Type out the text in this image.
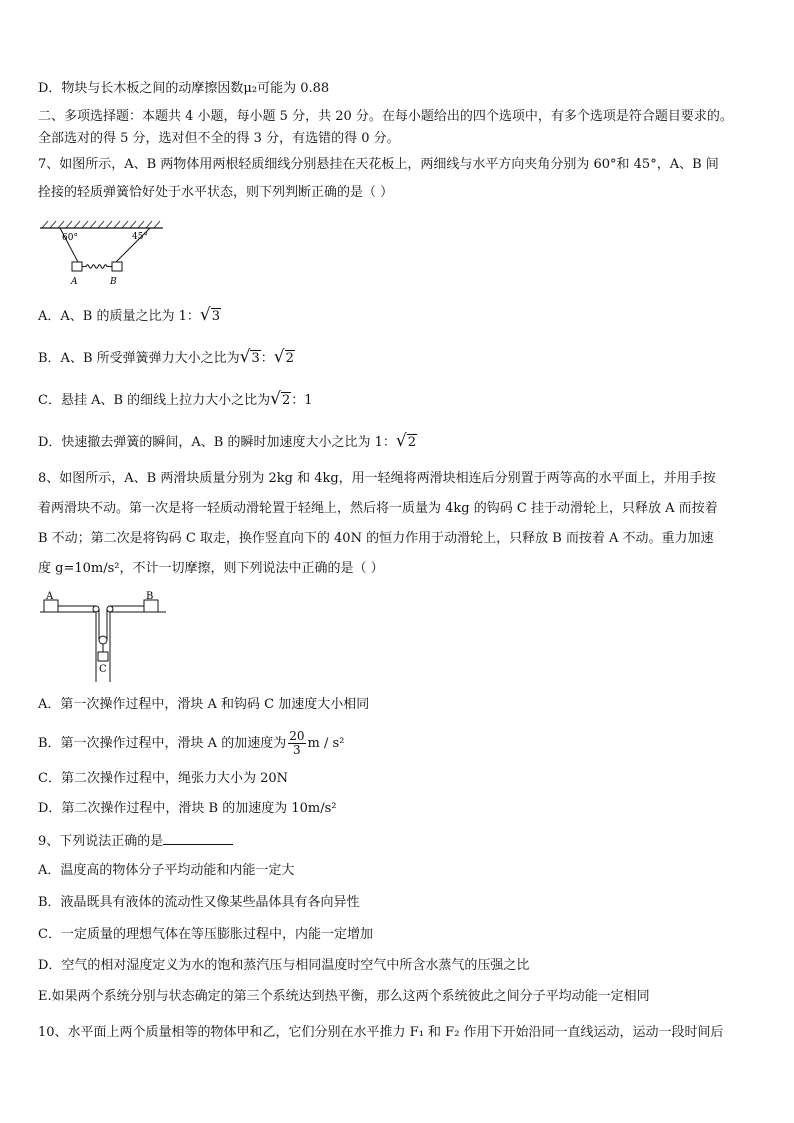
D．物块与长木板之间的动摩擦因数μ₂可能为 0.88
二、多项选择题：本题共 4 小题，每小题 5 分，共 20 分。在每小题给出的四个选项中，有多个选项是符合题目要求的。
全部选对的得 5 分，选对但不全的得 3 分，有选错的得 0 分。
7、如图所示，A、B 两物体用两根轻质细线分别悬挂在天花板上，两细线与水平方向夹角分别为 60°和 45°，A、B 间
拴接的轻质弹簧恰好处于水平状态，则下列判断正确的是（ ）
60°	45°
A	B
A．A、B 的质量之比为 1：√3
B．A、B 所受弹簧弹力大小之比为√3：√2
C．悬挂 A、B 的细线上拉力大小之比为√2：1
D．快速撤去弹簧的瞬间，A、B 的瞬时加速度大小之比为 1：√2
8、如图所示，A、B 两滑块质量分别为 2kg 和 4kg，用一轻绳将两滑块相连后分别置于两等高的水平面上，并用手按
着两滑块不动。第一次是将一轻质动滑轮置于轻绳上，然后将一质量为 4kg 的钩码 C 挂于动滑轮上，只释放 A 而按着
B 不动；第二次是将钩码 C 取走，换作竖直向下的 40N 的恒力作用于动滑轮上，只释放 B 而按着 A 不动。重力加速
度 g=10m/s²，不计一切摩擦，则下列说法中正确的是（ ）
A	B
C
A．第一次操作过程中，滑块 A 和钩码 C 加速度大小相同
B．第一次操作过程中，滑块 A 的加速度为 $\frac{20}{3}$ m / s²
C．第二次操作过程中，绳张力大小为 20N
D．第二次操作过程中，滑块 B 的加速度为 10m/s²
9、下列说法正确的是
A．温度高的物体分子平均动能和内能一定大
B．液晶既具有液体的流动性又像某些晶体具有各向异性
C．一定质量的理想气体在等压膨胀过程中，内能一定增加
D．空气的相对湿度定义为水的饱和蒸汽压与相同温度时空气中所含水蒸气的压强之比
E.如果两个系统分别与状态确定的第三个系统达到热平衡，那么这两个系统彼此之间分子平均动能一定相同
10、水平面上两个质量相等的物体甲和乙，它们分别在水平推力 F₁ 和 F₂ 作用下开始沿同一直线运动，运动一段时间后
